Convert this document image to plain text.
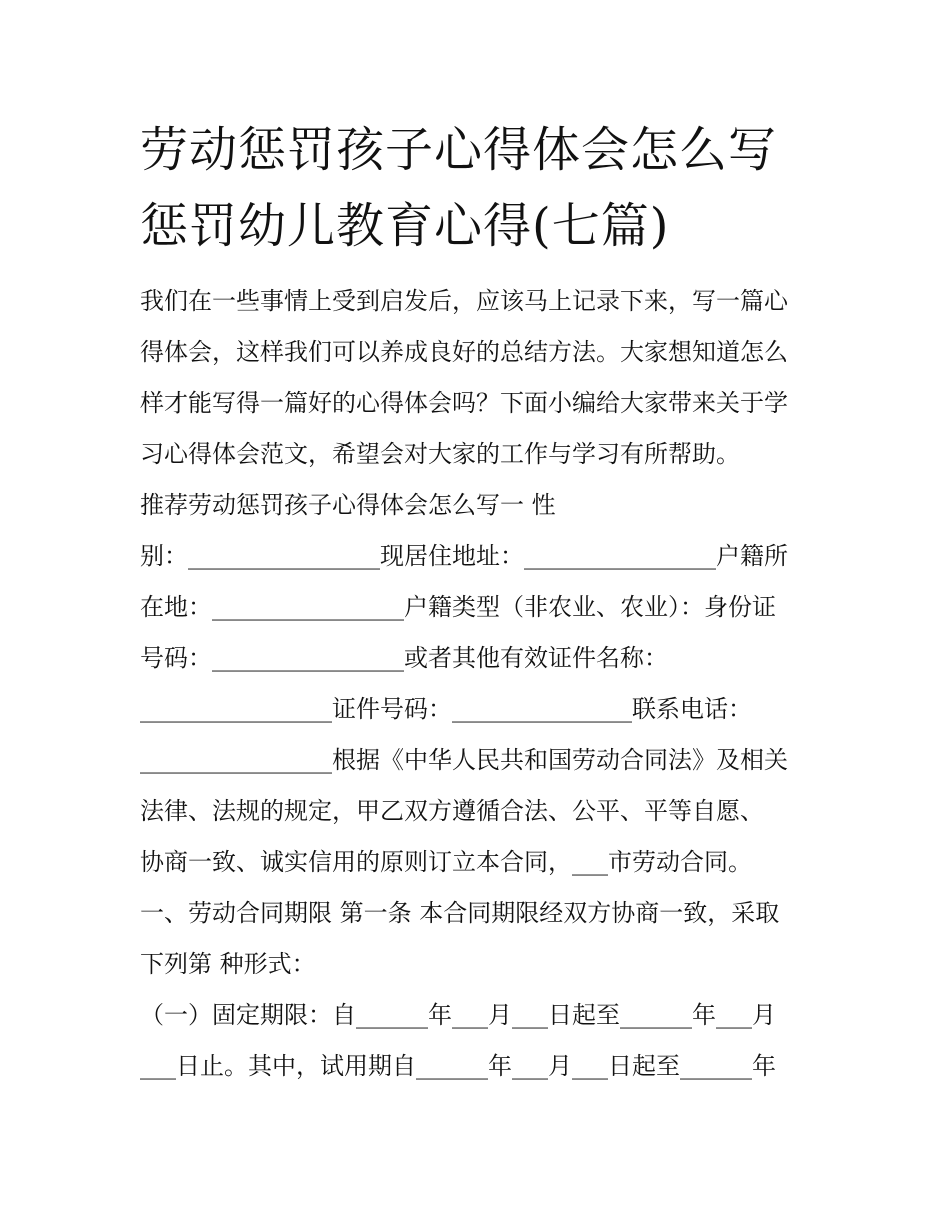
劳动惩罚孩子心得体会怎么写
惩罚幼儿教育心得(七篇)
我们在一些事情上受到启发后，应该马上记录下来，写一篇心
得体会，这样我们可以养成良好的总结方法。大家想知道怎么
样才能写得一篇好的心得体会吗？下面小编给大家带来关于学
习心得体会范文，希望会对大家的工作与学习有所帮助。
推荐劳动惩罚孩子心得体会怎么写一 性
别：________________现居住地址：________________户籍所
在地：________________户籍类型（非农业、农业）：身份证
号码：________________或者其他有效证件名称：
________________证件号码：_______________联系电话：
________________根据《中华人民共和国劳动合同法》及相关
法律、法规的规定，甲乙双方遵循合法、公平、平等自愿、
协商一致、诚实信用的原则订立本合同，___市劳动合同。
一、劳动合同期限 第一条 本合同期限经双方协商一致，采取
下列第 种形式：
（一）固定期限：自______年___月___日起至______年___月
___日止。其中，试用期自______年___月___日起至______年
